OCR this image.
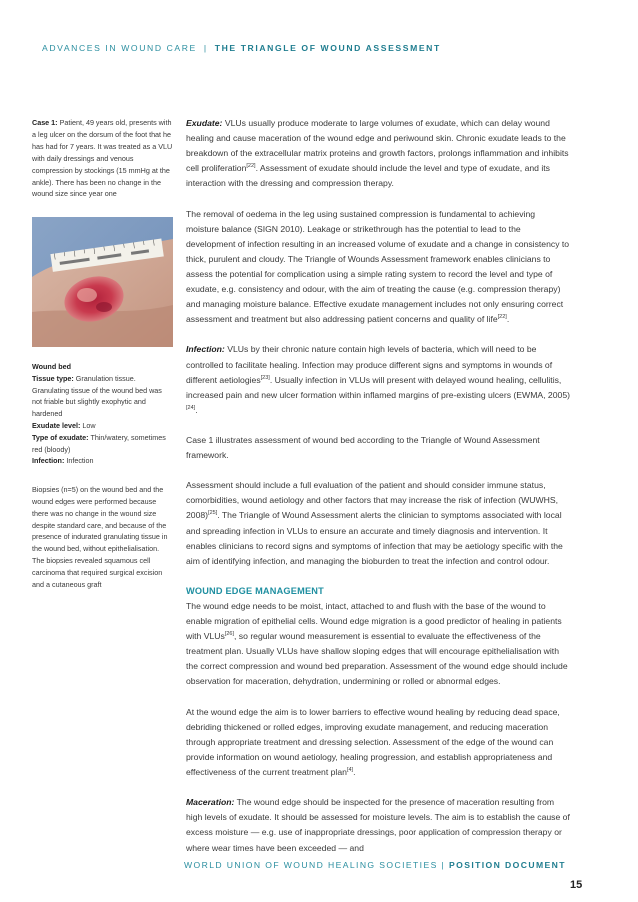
ADVANCES IN WOUND CARE | THE TRIANGLE OF WOUND ASSESSMENT

Case 1: Patient, 49 years old, presents with a leg ulcer on the dorsum of the foot that he has had for 7 years. It was treated as a VLU with daily dressings and venous compression by stockings (15 mmHg at the ankle). There has been no change in the wound size since year one

Wound bed

Tissue type: Granulation tissue. Granulating tissue of the wound bed was not friable but slightly exophytic and hardened

Exudate level: Low

Type of exudate: Thin/watery, sometimes red (bloody)

Infection: Infection

Biopsies (n=5) on the wound bed and the wound edges were performed because there was no change in the wound size despite standard care, and because of the presence of indurated granulating tissue in the wound bed, without epithelialisation. The biopsies revealed squamous cell carcinoma that required surgical excision and a cutaneous graft

Exudate: VLUs usually produce moderate to large volumes of exudate, which can delay wound healing and cause maceration of the wound edge and periwound skin. Chronic exudate leads to the breakdown of the extracellular matrix proteins and growth factors, prolongs inflammation and inhibits cell proliferation[22]. Assessment of exudate should include the level and type of exudate, and its interaction with the dressing and compression therapy.

The removal of oedema in the leg using sustained compression is fundamental to achieving moisture balance (SIGN 2010). Leakage or strikethrough has the potential to lead to the development of infection resulting in an increased volume of exudate and a change in consistency to thick, purulent and cloudy. The Triangle of Wounds Assessment framework enables clinicians to assess the potential for complication using a simple rating system to record the level and type of exudate, e.g. consistency and odour, with the aim of treating the cause (e.g. compression therapy) and managing moisture balance. Effective exudate management includes not only ensuring correct assessment and treatment but also addressing patient concerns and quality of life[22].

Infection: VLUs by their chronic nature contain high levels of bacteria, which will need to be controlled to facilitate healing. Infection may produce different signs and symptoms in wounds of different aetiologies[23]. Usually infection in VLUs will present with delayed wound healing, cellulitis, increased pain and new ulcer formation within inflamed margins of pre-existing ulcers (EWMA, 2005)[24].

Case 1 illustrates assessment of wound bed according to the Triangle of Wound Assessment framework.

Assessment should include a full evaluation of the patient and should consider immune status, comorbidities, wound aetiology and other factors that may increase the risk of infection (WUWHS, 2008)[25]. The Triangle of Wound Assessment alerts the clinician to symptoms associated with local and spreading infection in VLUs to ensure an accurate and timely diagnosis and intervention. It enables clinicians to record signs and symptoms of infection that may be aetiology specific with the aim of identifying infection, and managing the bioburden to treat the infection and control odour.

WOUND EDGE MANAGEMENT

The wound edge needs to be moist, intact, attached to and flush with the base of the wound to enable migration of epithelial cells. Wound edge migration is a good predictor of healing in patients with VLUs[26], so regular wound measurement is essential to evaluate the effectiveness of the treatment plan. Usually VLUs have shallow sloping edges that will encourage epithelialisation with the correct compression and wound bed preparation. Assessment of the wound edge should include observation for maceration, dehydration, undermining or rolled or abnormal edges.

At the wound edge the aim is to lower barriers to effective wound healing by reducing dead space, debriding thickened or rolled edges, improving exudate management, and reducing maceration through appropriate treatment and dressing selection. Assessment of the edge of the wound can provide information on wound aetiology, healing progression, and establish appropriateness and effectiveness of the current treatment plan[4].

Maceration: The wound edge should be inspected for the presence of maceration resulting from high levels of exudate. It should be assessed for moisture levels. The aim is to establish the cause of excess moisture — e.g. use of inappropriate dressings, poor application of compression therapy or where wear times have been exceeded — and

WORLD UNION OF WOUND HEALING SOCIETIES | POSITION DOCUMENT
15
